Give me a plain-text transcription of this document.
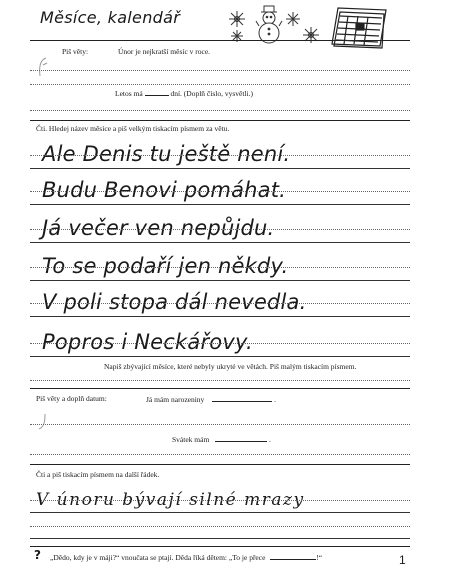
Měsíce, kalendář
Piš věty:	Únor je nejkratší měsíc v roce.
Letos má	dní. (Doplň číslo, vysvětli.)
Čti. Hledej název měsíce a piš velkým tiskacím písmem za větu.
Ale Denis tu ještě není.
Budu Benovi pomáhat.
Já večer ven nepůjdu.
To se podaří jen někdy.
V poli stopa dál nevedla.
Popros i Neckářovy.
Napiš zbývající měsíce, které nebyly ukryté ve větách. Piš malým tiskacím písmem.
Piš věty a doplň datum:	Já mám narozeniny	.
Svátek mám	.
Čti a piš tiskacím písmem na další řádek.
V únoru bývají silné mrazy
? „Dědo, kdy je v máji?“ vnoučata se ptají. Děda říká dětem: „To je přece	!“	1
